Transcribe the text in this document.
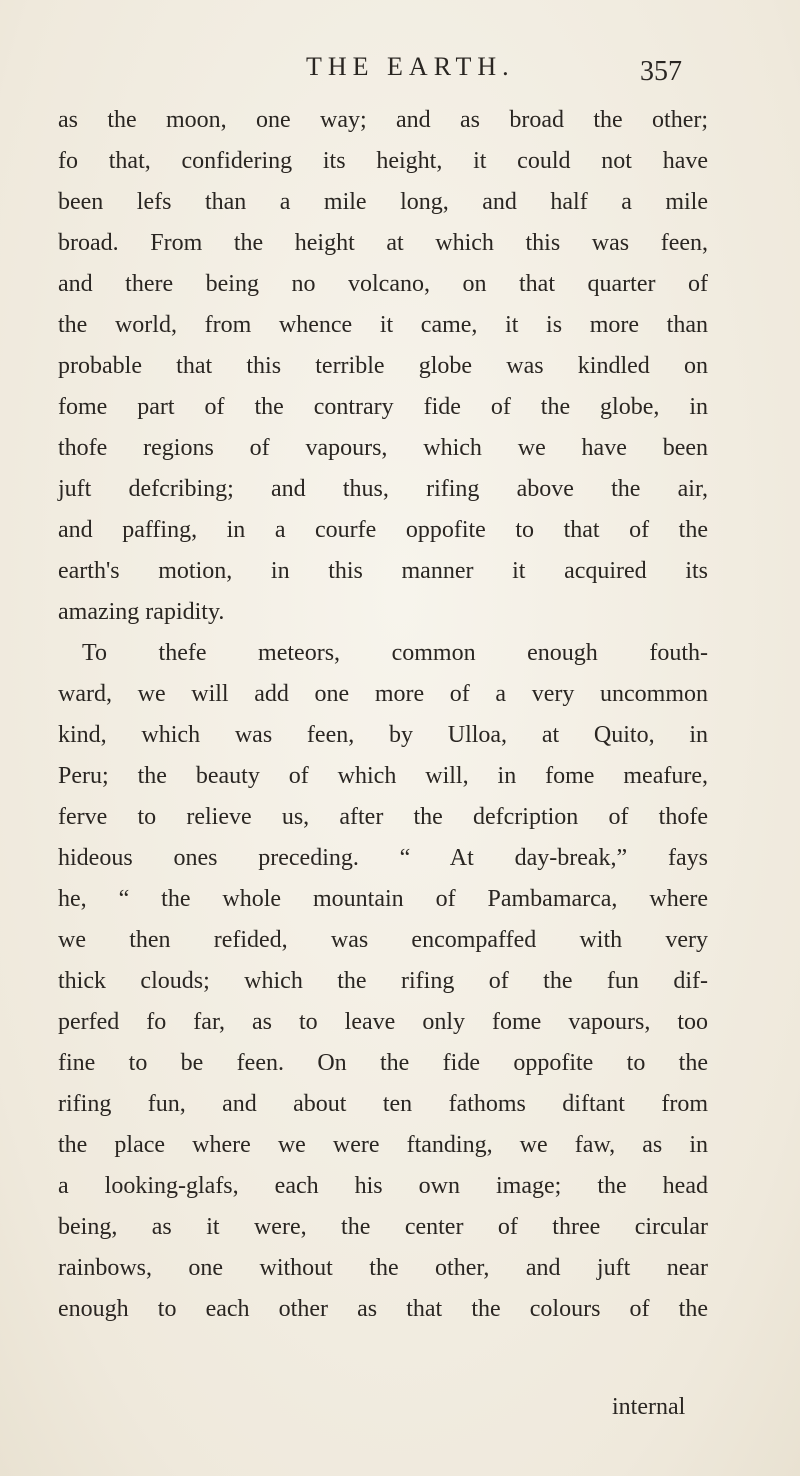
THE EARTH.	357
as the moon, one way; and as broad the other;
fo that, confidering its height, it could not have
been lefs than a mile long, and half a mile
broad. From the height at which this was feen,
and there being no volcano, on that quarter of
the world, from whence it came, it is more than
probable that this terrible globe was kindled on
fome part of the contrary fide of the globe, in
thofe regions of vapours, which we have been
juft defcribing; and thus, rifing above the air,
and paffing, in a courfe oppofite to that of the
earth's motion, in this manner it acquired its
amazing rapidity.
To thefe meteors, common enough fouth-
ward, we will add one more of a very uncommon
kind, which was feen, by Ulloa, at Quito, in
Peru; the beauty of which will, in fome meafure,
ferve to relieve us, after the defcription of thofe
hideous ones preceding. “ At day-break,” fays
he, “ the whole mountain of Pambamarca, where
we then refided, was encompaffed with very
thick clouds; which the rifing of the fun dif-
perfed fo far, as to leave only fome vapours, too
fine to be feen. On the fide oppofite to the
rifing fun, and about ten fathoms diftant from
the place where we were ftanding, we faw, as in
a looking-glafs, each his own image; the head
being, as it were, the center of three circular
rainbows, one without the other, and juft near
enough to each other as that the colours of the
internal
